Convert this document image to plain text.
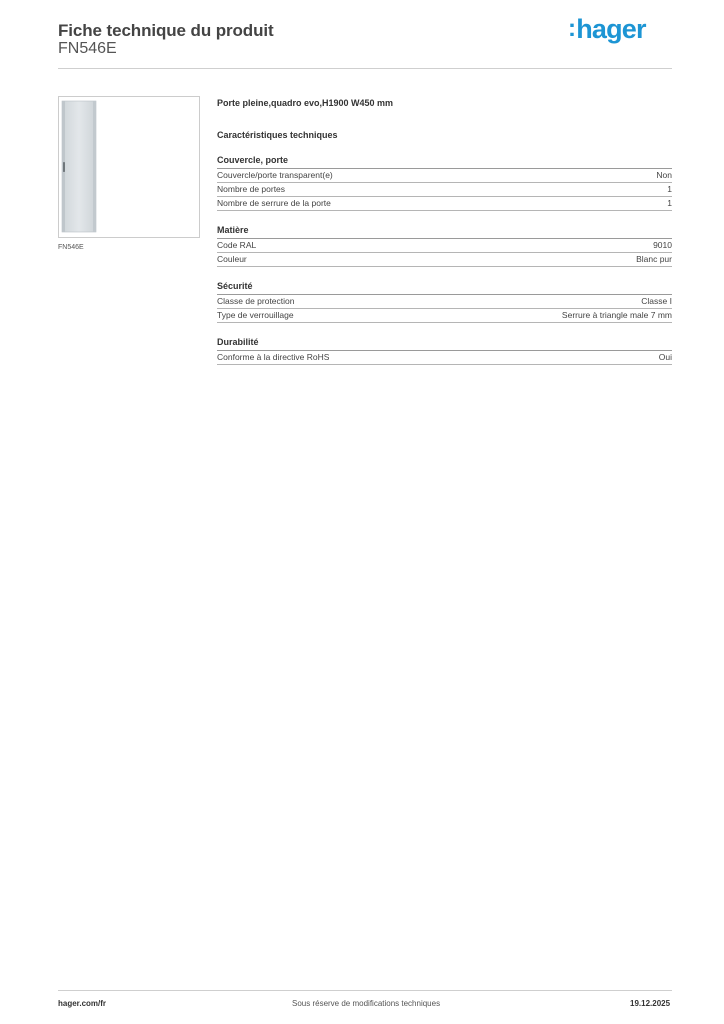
Fiche technique du produit
FN546E
:hager
FN546E
Porte pleine,quadro evo,H1900 W450 mm
Caractéristiques techniques
Couvercle, porte
Couvercle/porte transparent(e)	Non
Nombre de portes	1
Nombre de serrure de la porte	1
Matière
Code RAL	9010
Couleur	Blanc pur
Sécurité
Classe de protection	Classe I
Type de verrouillage	Serrure à triangle male 7 mm
Durabilité
Conforme à la directive RoHS	Oui
hager.com/fr	Sous réserve de modifications techniques	19.12.2025
